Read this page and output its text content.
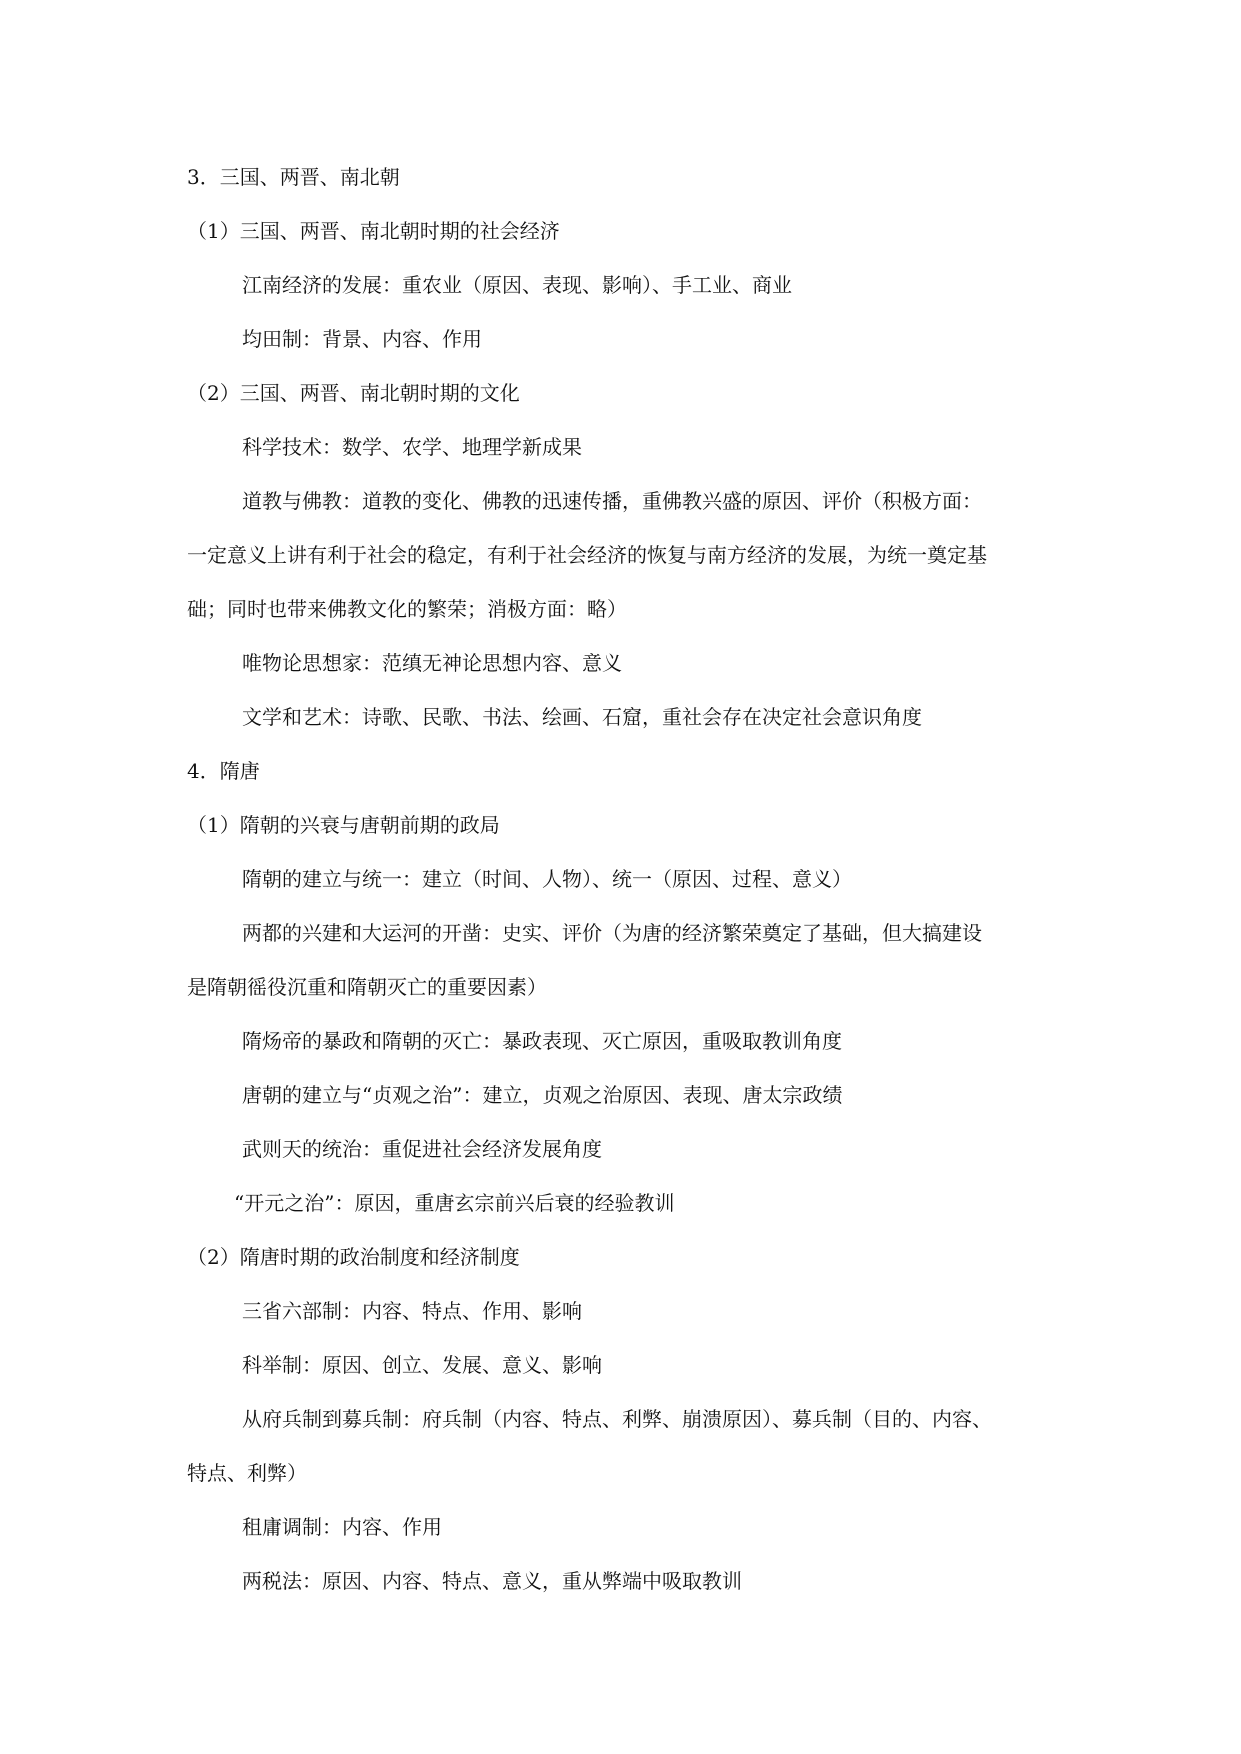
3．三国、两晋、南北朝
（1）三国、两晋、南北朝时期的社会经济
江南经济的发展：重农业（原因、表现、影响）、手工业、商业
均田制：背景、内容、作用
（2）三国、两晋、南北朝时期的文化
科学技术：数学、农学、地理学新成果
道教与佛教：道教的变化、佛教的迅速传播，重佛教兴盛的原因、评价（积极方面：
一定意义上讲有利于社会的稳定，有利于社会经济的恢复与南方经济的发展，为统一奠定基
础；同时也带来佛教文化的繁荣；消极方面：略）
唯物论思想家：范缜无神论思想内容、意义
文学和艺术：诗歌、民歌、书法、绘画、石窟，重社会存在决定社会意识角度
4．隋唐
（1）隋朝的兴衰与唐朝前期的政局
隋朝的建立与统一：建立（时间、人物）、统一（原因、过程、意义）
两都的兴建和大运河的开凿：史实、评价（为唐的经济繁荣奠定了基础，但大搞建设
是隋朝徭役沉重和隋朝灭亡的重要因素）
隋炀帝的暴政和隋朝的灭亡：暴政表现、灭亡原因，重吸取教训角度
唐朝的建立与“贞观之治”：建立，贞观之治原因、表现、唐太宗政绩
武则天的统治：重促进社会经济发展角度
“开元之治”：原因，重唐玄宗前兴后衰的经验教训
（2）隋唐时期的政治制度和经济制度
三省六部制：内容、特点、作用、影响
科举制：原因、创立、发展、意义、影响
从府兵制到募兵制：府兵制（内容、特点、利弊、崩溃原因）、募兵制（目的、内容、
特点、利弊）
租庸调制：内容、作用
两税法：原因、内容、特点、意义，重从弊端中吸取教训
